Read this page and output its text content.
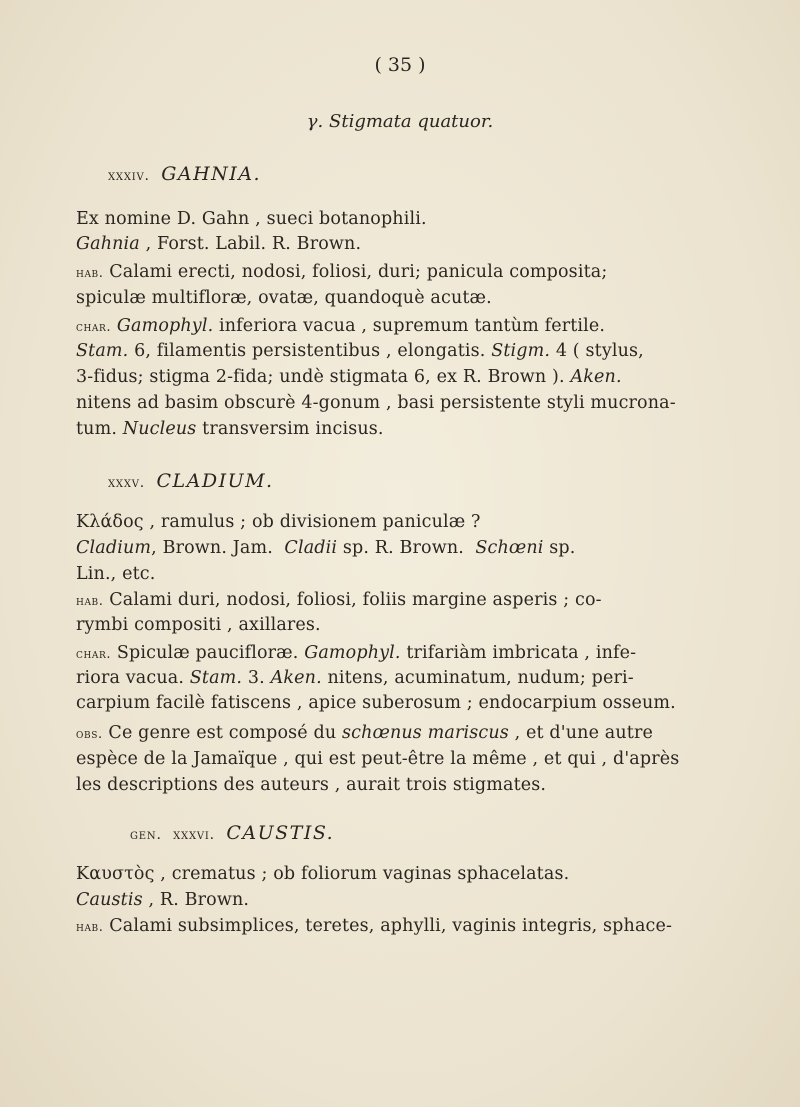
( 35 )
γ. Stigmata quatuor.
xxxiv. GAHNIA.
Ex nomine D. Gahn , sueci botanophili.
Gahnia , Forst. Labil. R. Brown.
hab. Calami erecti, nodosi, foliosi, duri; panicula composita;
spiculæ multifloræ, ovatæ, quandoquè acutæ.
char. Gamophyl. inferiora vacua , supremum tantùm fertile.
Stam. 6, filamentis persistentibus , elongatis. Stigm. 4 ( stylus,
3-fidus; stigma 2-fida; undè stigmata 6, ex R. Brown ). Aken.
nitens ad basim obscurè 4-gonum , basi persistente styli mucrona-
tum. Nucleus transversim incisus.
xxxv. CLADIUM.
Κλάδος , ramulus ; ob divisionem paniculæ ?
Cladium, Brown. Jam. Cladii sp. R. Brown. Schœni sp.
Lin., etc.
hab. Calami duri, nodosi, foliosi, foliis margine asperis ; co-
rymbi compositi , axillares.
char. Spiculæ paucifloræ. Gamophyl. trifariàm imbricata , infe-
riora vacua. Stam. 3. Aken. nitens, acuminatum, nudum; peri-
carpium facilè fatiscens , apice suberosum ; endocarpium osseum.
obs. Ce genre est composé du schœnus mariscus , et d'une autre
espèce de la Jamaïque , qui est peut-être la même , et qui , d'après
les descriptions des auteurs , aurait trois stigmates.
gen. xxxvi. CAUSTIS.
Καυστὸς , crematus ; ob foliorum vaginas sphacelatas.
Caustis , R. Brown.
hab. Calami subsimplices, teretes, aphylli, vaginis integris, sphace-
